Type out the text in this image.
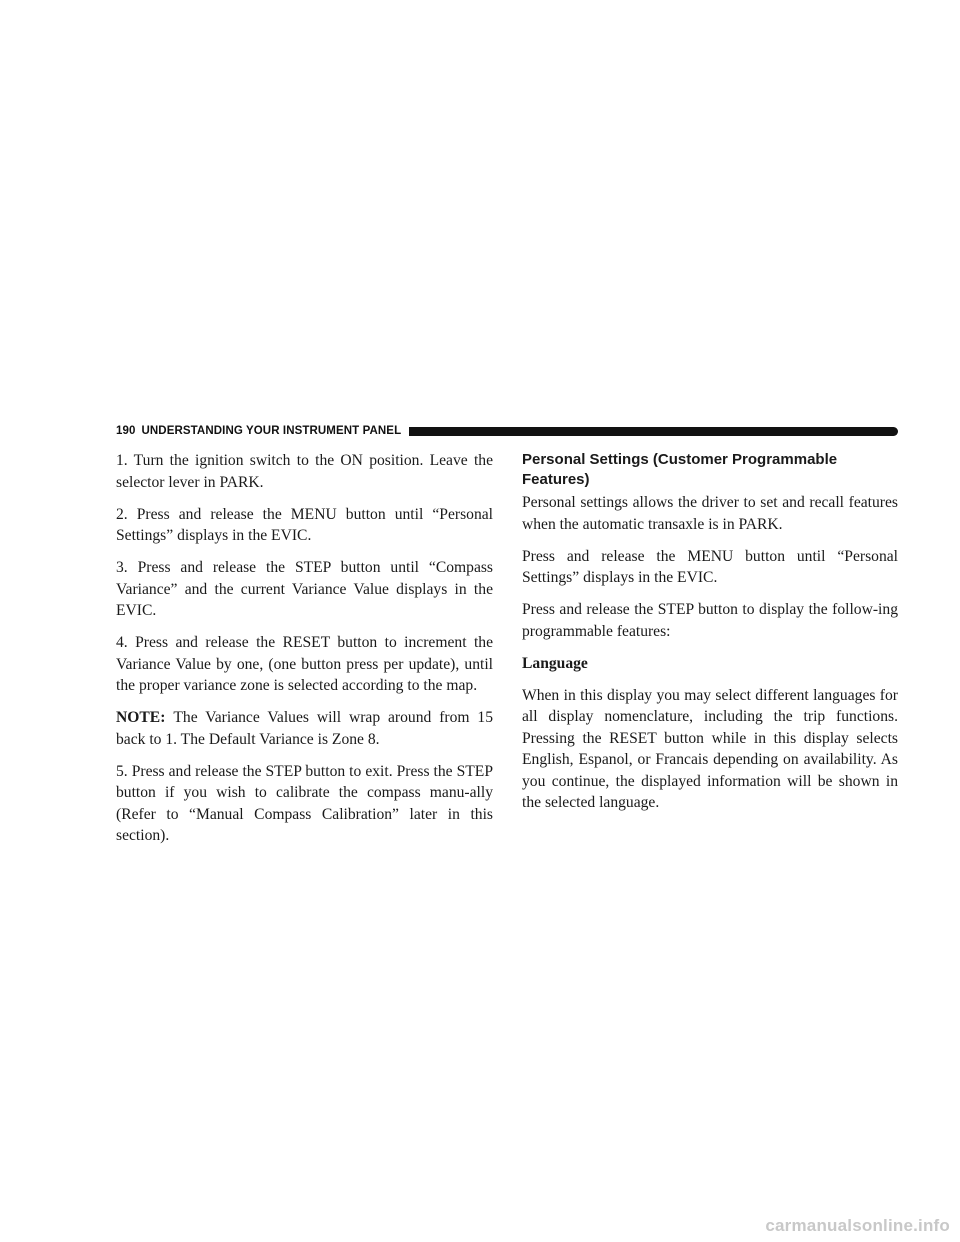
190 UNDERSTANDING YOUR INSTRUMENT PANEL

1. Turn the ignition switch to the ON position. Leave the selector lever in PARK.

2. Press and release the MENU button until “Personal Settings” displays in the EVIC.

3. Press and release the STEP button until “Compass Variance” and the current Variance Value displays in the EVIC.

4. Press and release the RESET button to increment the Variance Value by one, (one button press per update), until the proper variance zone is selected according to the map.

NOTE: The Variance Values will wrap around from 15 back to 1. The Default Variance is Zone 8.

5. Press and release the STEP button to exit. Press the STEP button if you wish to calibrate the compass manu-ally (Refer to “Manual Compass Calibration” later in this section).

Personal Settings (Customer Programmable Features)

Personal settings allows the driver to set and recall features when the automatic transaxle is in PARK.

Press and release the MENU button until “Personal Settings” displays in the EVIC.

Press and release the STEP button to display the follow-ing programmable features:

Language

When in this display you may select different languages for all display nomenclature, including the trip functions. Pressing the RESET button while in this display selects English, Espanol, or Francais depending on availability. As you continue, the displayed information will be shown in the selected language.

carmanualsonline.info
